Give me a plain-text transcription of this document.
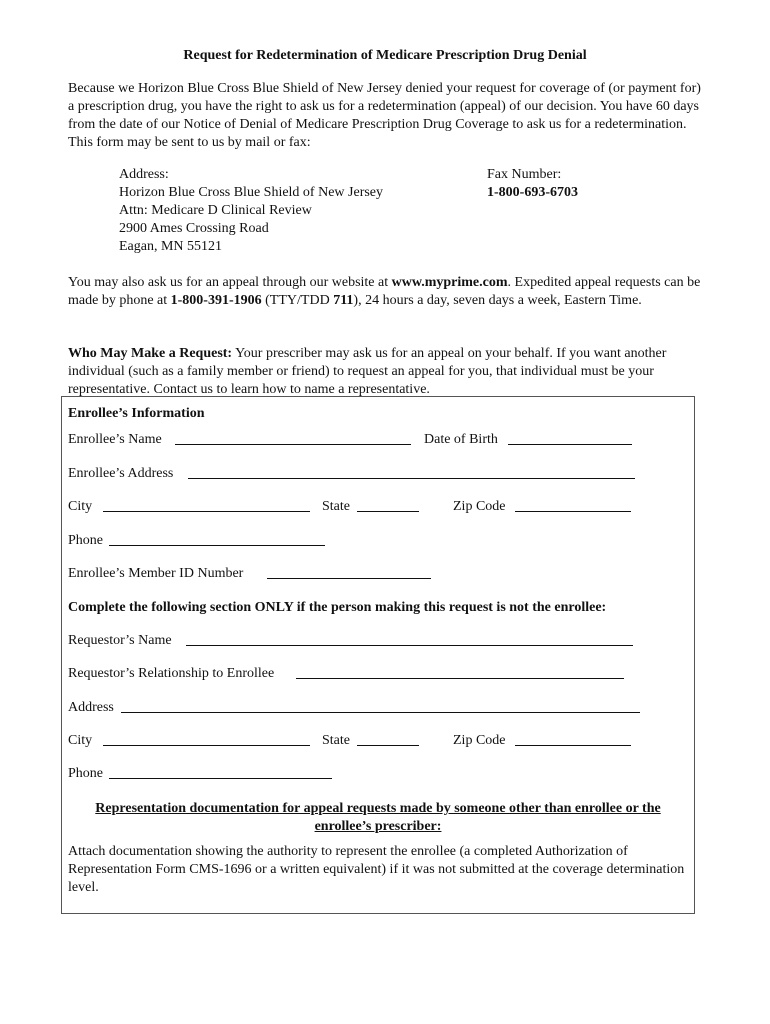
Request for Redetermination of Medicare Prescription Drug Denial
Because we Horizon Blue Cross Blue Shield of New Jersey denied your request for coverage of (or payment for) a prescription drug, you have the right to ask us for a redetermination (appeal) of our decision. You have 60 days from the date of our Notice of Denial of Medicare Prescription Drug Coverage to ask us for a redetermination. This form may be sent to us by mail or fax:
Address:
Horizon Blue Cross Blue Shield of New Jersey
Attn: Medicare D Clinical Review
2900 Ames Crossing Road
Eagan, MN 55121
Fax Number:
1-800-693-6703
You may also ask us for an appeal through our website at www.myprime.com. Expedited appeal requests can be made by phone at 1-800-391-1906 (TTY/TDD 711), 24 hours a day, seven days a week, Eastern Time.
Who May Make a Request: Your prescriber may ask us for an appeal on your behalf. If you want another individual (such as a family member or friend) to request an appeal for you, that individual must be your representative. Contact us to learn how to name a representative.
Enrollee’s Information
Enrollee’s Name	Date of Birth
Enrollee’s Address
City	State	Zip Code
Phone
Enrollee’s Member ID Number
Complete the following section ONLY if the person making this request is not the enrollee:
Requestor’s Name
Requestor’s Relationship to Enrollee
Address
City	State	Zip Code
Phone
Representation documentation for appeal requests made by someone other than enrollee or the enrollee’s prescriber:
Attach documentation showing the authority to represent the enrollee (a completed Authorization of Representation Form CMS-1696 or a written equivalent) if it was not submitted at the coverage determination level.
